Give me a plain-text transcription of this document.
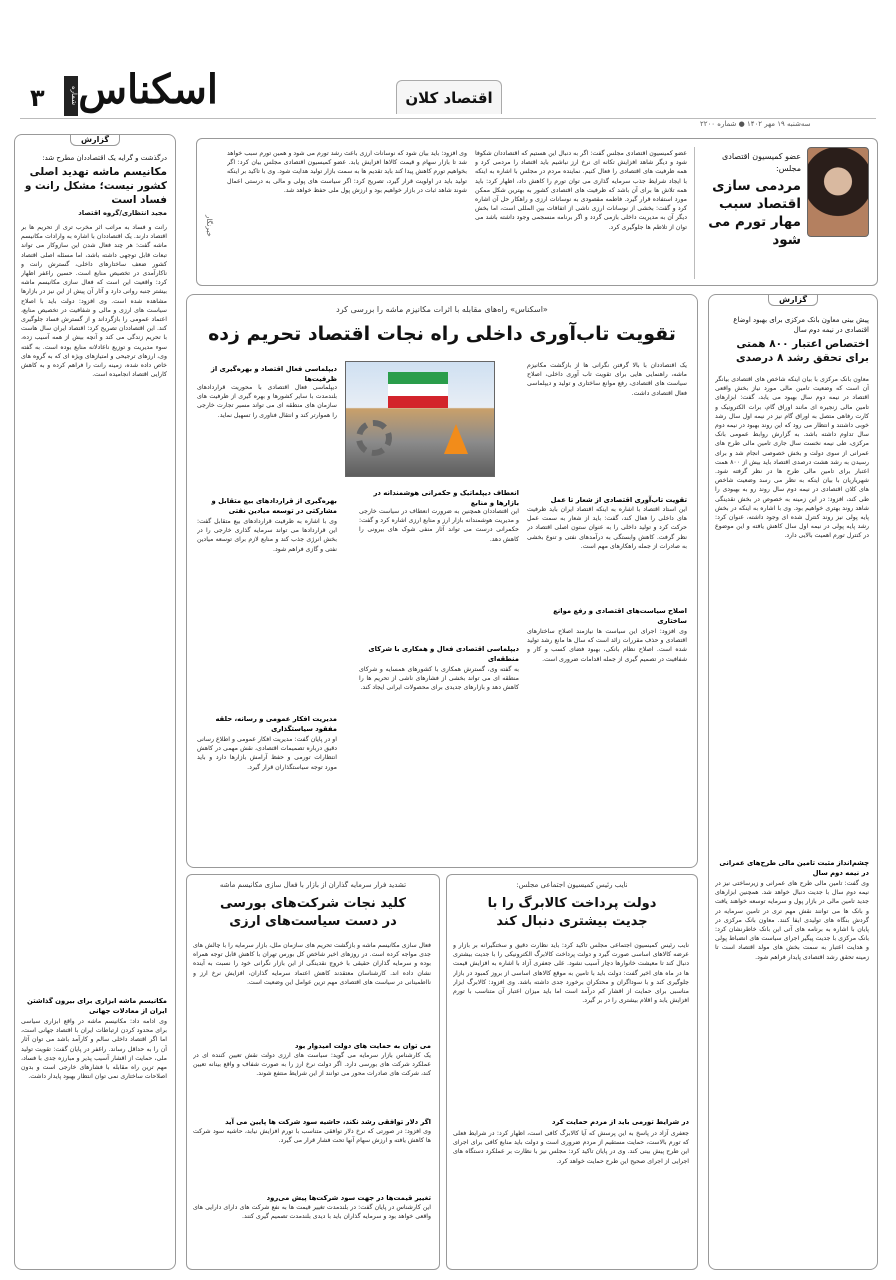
۳	شماره اسکناس	اقتصاد کلان
سه‌شنبه ۱۹ مهر ۱۴۰۲ ● شماره ۲۲۰۰
عضو کمیسیون اقتصادی مجلس:
مردمی سازی اقتصاد سبب مهار تورم می شود
عضو کمیسیون اقتصادی مجلس گفت: اگر به دنبال این هستیم که اقتصاددان شکوفا شود و دیگر شاهد افزایش تکانه ای نرخ ارز نباشیم باید اقتصاد را مردمی کرد و همه ظرفیت های اقتصادی را فعال کنیم. نماینده مردم در مجلس با اشاره به اینکه با ایجاد شرایط جذب سرمایه گذاری می توان تورم را کاهش داد، اظهار کرد: باید همه تلاش ها برای آن باشد که ظرفیت های اقتصادی کشور به بهترین شکل ممکن مورد استفاده قرار گیرد. فاطمه مقصودی به نوسانات ارزی و راهکار حل آن اشاره کرد و گفت: بخشی از نوسانات ارزی ناشی از اتفاقات بین المللی است، اما بخش دیگر آن به مدیریت داخلی بازمی گردد و اگر برنامه منسجمی وجود داشته باشد می توان از تلاطم ها جلوگیری کرد.
وی افزود: باید بیان شود که نوسانات ارزی باعث رشد تورم می شود و همین تورم سبب خواهد شد تا بازار سهام و قیمت کالاها افزایش یابد. عضو کمیسیون اقتصادی مجلس بیان کرد: اگر بخواهیم تورم کاهش پیدا کند باید تقدیم ها به سمت بازار تولید هدایت شود. وی با تاکید بر اینکه تولید باید در اولویت قرار گیرد، تصریح کرد: اگر سیاست های پولی و مالی به درستی اعمال شوند شاهد ثبات در بازار خواهیم بود و ارزش پول ملی حفظ خواهد شد.
خبرنگار
گزارش
درگذشت و گرایه یک اقتصاددان مطرح شد:
مکانیسم ماشه تهدید اصلی کشور نیست؛ مشکل رانت و فساد است
مجید انتظاری/گروه اقتصاد
رانت و فساد به مراتب اثر مخرب تری از تحریم ها بر اقتصاد دارند. یک اقتصاددان با اشاره به وارادات مکانیسم ماشه گفت: هر چند فعال شدن این سازوکار می تواند تبعات قابل توجهی داشته باشد، اما مسئله اصلی اقتصاد کشور ضعف ساختارهای داخلی، گسترش رانت و ناکارآمدی در تخصیص منابع است. حسین راغفر اظهار کرد: واقعیت این است که فعال سازی مکانیسم ماشه بیشتر جنبه روانی دارد و آثار آن پیش از این نیز در بازارها مشاهده شده است. وی افزود: دولت باید با اصلاح سیاست های ارزی و مالی و شفافیت در تخصیص منابع، اعتماد عمومی را بازگرداند و از گسترش فساد جلوگیری کند. این اقتصاددان تصریح کرد: اقتصاد ایران سال هاست با تحریم زندگی می کند و آنچه بیش از همه آسیب زده، سوء مدیریت و توزیع ناعادلانه منابع بوده است. به گفته وی، ارزهای ترجیحی و امتیازهای ویژه ای که به گروه های خاص داده شده، زمینه رانت را فراهم کرده و به کاهش کارایی اقتصاد انجامیده است.
مکانیسم ماشه ابزاری برای بیرون گذاشتن ایران از معادلات جهانی
وی ادامه داد: مکانیسم ماشه در واقع ابزاری سیاسی برای محدود کردن ارتباطات ایران با اقتصاد جهانی است، اما اگر اقتصاد داخلی سالم و کارآمد باشد می توان آثار آن را به حداقل رساند. راغفر در پایان گفت: تقویت تولید ملی، حمایت از اقشار آسیب پذیر و مبارزه جدی با فساد، مهم ترین راه مقابله با فشارهای خارجی است و بدون اصلاحات ساختاری نمی توان انتظار بهبود پایدار داشت.
گزارش
پیش بینی معاون بانک مرکزی برای بهبود اوضاع اقتصادی در نیمه دوم سال
اختصاص اعتبار ۸۰۰ همتی برای تحقق رشد ۸ درصدی
معاون بانک مرکزی با بیان اینکه شاخص های اقتصادی بیانگر آن است که وضعیت تامین مالی مورد نیاز بخش واقعی اقتصاد در نیمه دوم سال بهبود می یابد، گفت: ابزارهای تامین مالی زنجیره ای مانند اوراق گام، برات الکترونیک و کارت رفاهی متصل به اوراق گام نیز در نیمه اول سال رشد خوبی داشتند و انتظار می رود که این روند بهبود در نیمه دوم سال تداوم داشته باشد. به گزارش روابط عمومی بانک مرکزی، طی نیمه نخست سال جاری تامین مالی طرح های عمرانی از سوی دولت و بخش خصوصی انجام شد و برای رسیدن به رشد هشت درصدی اقتصاد باید بیش از ۸۰۰ همت اعتبار برای تامین مالی طرح ها در نظر گرفته شود. شهریاریان با بیان اینکه به نظر می رسد وضعیت شاخص های کلان اقتصادی در نیمه دوم سال روند رو به بهبودی را طی کند، افزود: در این زمینه به خصوص در بخش نقدینگی شاهد روند بهتری خواهیم بود. وی با اشاره به اینکه در بخش پایه پولی نیز روند کنترل شده ای وجود داشته، عنوان کرد: رشد پایه پولی در نیمه اول سال کاهش یافته و این موضوع در کنترل تورم اهمیت بالایی دارد.
چشم‌انداز مثبت تامین مالی طرح‌های عمرانی در نیمه دوم سال
وی گفت: تامین مالی طرح های عمرانی و زیرساختی نیز در نیمه دوم سال با جدیت دنبال خواهد شد. همچنین ابزارهای جدید تامین مالی در بازار پول و سرمایه توسعه خواهند یافت و بانک ها می توانند نقش مهم تری در تامین سرمایه در گردش بنگاه های تولیدی ایفا کنند. معاون بانک مرکزی در پایان با اشاره به برنامه های آتی این بانک خاطرنشان کرد: بانک مرکزی با جدیت پیگیر اجرای سیاست های انضباط پولی و هدایت اعتبار به سمت بخش های مولد اقتصاد است تا زمینه تحقق رشد اقتصادی پایدار فراهم شود.
«اسکناس» راه‌های مقابله با اثرات مکانیزم ماشه را بررسی کرد
تقویت تاب‌آوری داخلی راه نجات اقتصاد تحریم زده
یک اقتصاددان با بالا گرفتن نگرانی ها از بازگشت مکانیزم ماشه، راهنمایی هایی برای تقویت تاب آوری داخلی، اصلاح سیاست های اقتصادی، رفع موانع ساختاری و تولید و دیپلماسی فعال اقتصادی داشت.
تقویت تاب‌آوری اقتصادی از شعار تا عمل
این استاد اقتصاد با اشاره به اینکه اقتصاد ایران باید ظرفیت های داخلی را فعال کند، گفت: باید از شعار به سمت عمل حرکت کرد و تولید داخلی را به عنوان ستون اصلی اقتصاد در نظر گرفت. کاهش وابستگی به درآمدهای نفتی و تنوع بخشی به صادرات از جمله راهکارهای مهم است.
اصلاح سیاست‌های اقتصادی و رفع موانع ساختاری
وی افزود: اجرای این سیاست ها نیازمند اصلاح ساختارهای اقتصادی و حذف مقررات زائد است که سال ها مانع رشد تولید شده است. اصلاح نظام بانکی، بهبود فضای کسب و کار و شفافیت در تصمیم گیری از جمله اقدامات ضروری است.
انعطاف دیپلماتیک و حکمرانی هوشمندانه در بازارها و منابع
این اقتصاددان همچنین به ضرورت انعطاف در سیاست خارجی و مدیریت هوشمندانه بازار ارز و منابع ارزی اشاره کرد و گفت: حکمرانی درست می تواند آثار منفی شوک های بیرونی را کاهش دهد.
دیپلماسی اقتصادی فعال و همکاری با شرکای منطقه‌ای
به گفته وی، گسترش همکاری با کشورهای همسایه و شرکای منطقه ای می تواند بخشی از فشارهای ناشی از تحریم ها را کاهش دهد و بازارهای جدیدی برای محصولات ایرانی ایجاد کند.
دیپلماسی فعال اقتصاد و بهره‌گیری از ظرفیت‌ها
دیپلماسی فعال اقتصادی با محوریت قراردادهای بلندمدت با سایر کشورها و بهره گیری از ظرفیت های سازمان های منطقه ای می تواند مسیر تجارت خارجی را هموارتر کند و انتقال فناوری را تسهیل نماید.
بهره‌گیری از قراردادهای بیع متقابل و مشارکتی در توسعه میادین نفتی
وی با اشاره به ظرفیت قراردادهای بیع متقابل گفت: این قراردادها می تواند سرمایه گذاری خارجی را در بخش انرژی جذب کند و منابع لازم برای توسعه میادین نفتی و گازی فراهم شود.
مدیریت افکار عمومی و رسانه، حلقه مفقود سیاستگذاری
او در پایان گفت: مدیریت افکار عمومی و اطلاع رسانی دقیق درباره تصمیمات اقتصادی، نقش مهمی در کاهش انتظارات تورمی و حفظ آرامش بازارها دارد و باید مورد توجه سیاستگذاران قرار گیرد.
نایب رئیس کمیسیون اجتماعی مجلس:
دولت پرداخت کالابرگ را با جدیت بیشتری دنبال کند
نایب رئیس کمیسیون اجتماعی مجلس تاکید کرد: باید نظارت دقیق و سختگیرانه بر بازار و عرضه کالاهای اساسی صورت گیرد و دولت پرداخت کالابرگ الکترونیکی را با جدیت بیشتری دنبال کند تا معیشت خانوارها دچار آسیب نشود. علی جعفری آزاد با اشاره به افزایش قیمت ها در ماه های اخیر گفت: دولت باید با تامین به موقع کالاهای اساسی از بروز کمبود در بازار جلوگیری کند و با سوداگران و محتکران برخورد جدی داشته باشد. وی افزود: کالابرگ ابزار مناسبی برای حمایت از اقشار کم درآمد است اما باید میزان اعتبار آن متناسب با تورم افزایش یابد و اقلام بیشتری را در بر گیرد.
در شرایط تورمی باید از مردم حمایت کرد
جعفری آزاد در پاسخ به این پرسش که آیا کالابرگ کافی است، اظهار کرد: در شرایط فعلی که تورم بالاست، حمایت مستقیم از مردم ضروری است و دولت باید منابع کافی برای اجرای این طرح پیش بینی کند. وی در پایان تاکید کرد: مجلس نیز با نظارت بر عملکرد دستگاه های اجرایی از اجرای صحیح این طرح حمایت خواهد کرد.
تشدید فرار سرمایه گذاران از بازار با فعال سازی مکانیسم ماشه
کلید نجات شرکت‌های بورسی در دست سیاست‌های ارزی
فعال سازی مکانیسم ماشه و بازگشت تحریم های سازمان ملل، بازار سرمایه را با چالش های جدی مواجه کرده است. در روزهای اخیر شاخص کل بورس تهران با کاهش قابل توجه همراه بوده و سرمایه گذاران حقیقی با خروج نقدینگی از این بازار نگرانی خود را نسبت به آینده نشان داده اند. کارشناسان معتقدند کاهش اعتماد سرمایه گذاران، افزایش نرخ ارز و نااطمینانی در سیاست های اقتصادی مهم ترین عوامل این وضعیت است.
می توان به حمایت های دولت امیدوار بود
یک کارشناس بازار سرمایه می گوید: سیاست های ارزی دولت نقش تعیین کننده ای در عملکرد شرکت های بورسی دارد. اگر دولت نرخ ارز را به صورت شفاف و واقع بینانه تعیین کند، شرکت های صادرات محور می توانند از این شرایط منتفع شوند.
اگر دلار توافقی رشد نکند، حاشیه سود شرکت ها پایین می آید
وی افزود: در صورتی که نرخ دلار توافقی متناسب با تورم افزایش نیابد، حاشیه سود شرکت ها کاهش یافته و ارزش سهام آنها تحت فشار قرار می گیرد.
تغییر قیمت‌ها در جهت سود شرکت‌ها پیش می‌رود
این کارشناس در پایان گفت: در بلندمدت تغییر قیمت ها به نفع شرکت های دارای دارایی های واقعی خواهد بود و سرمایه گذاران باید با دیدی بلندمدت تصمیم گیری کنند.
